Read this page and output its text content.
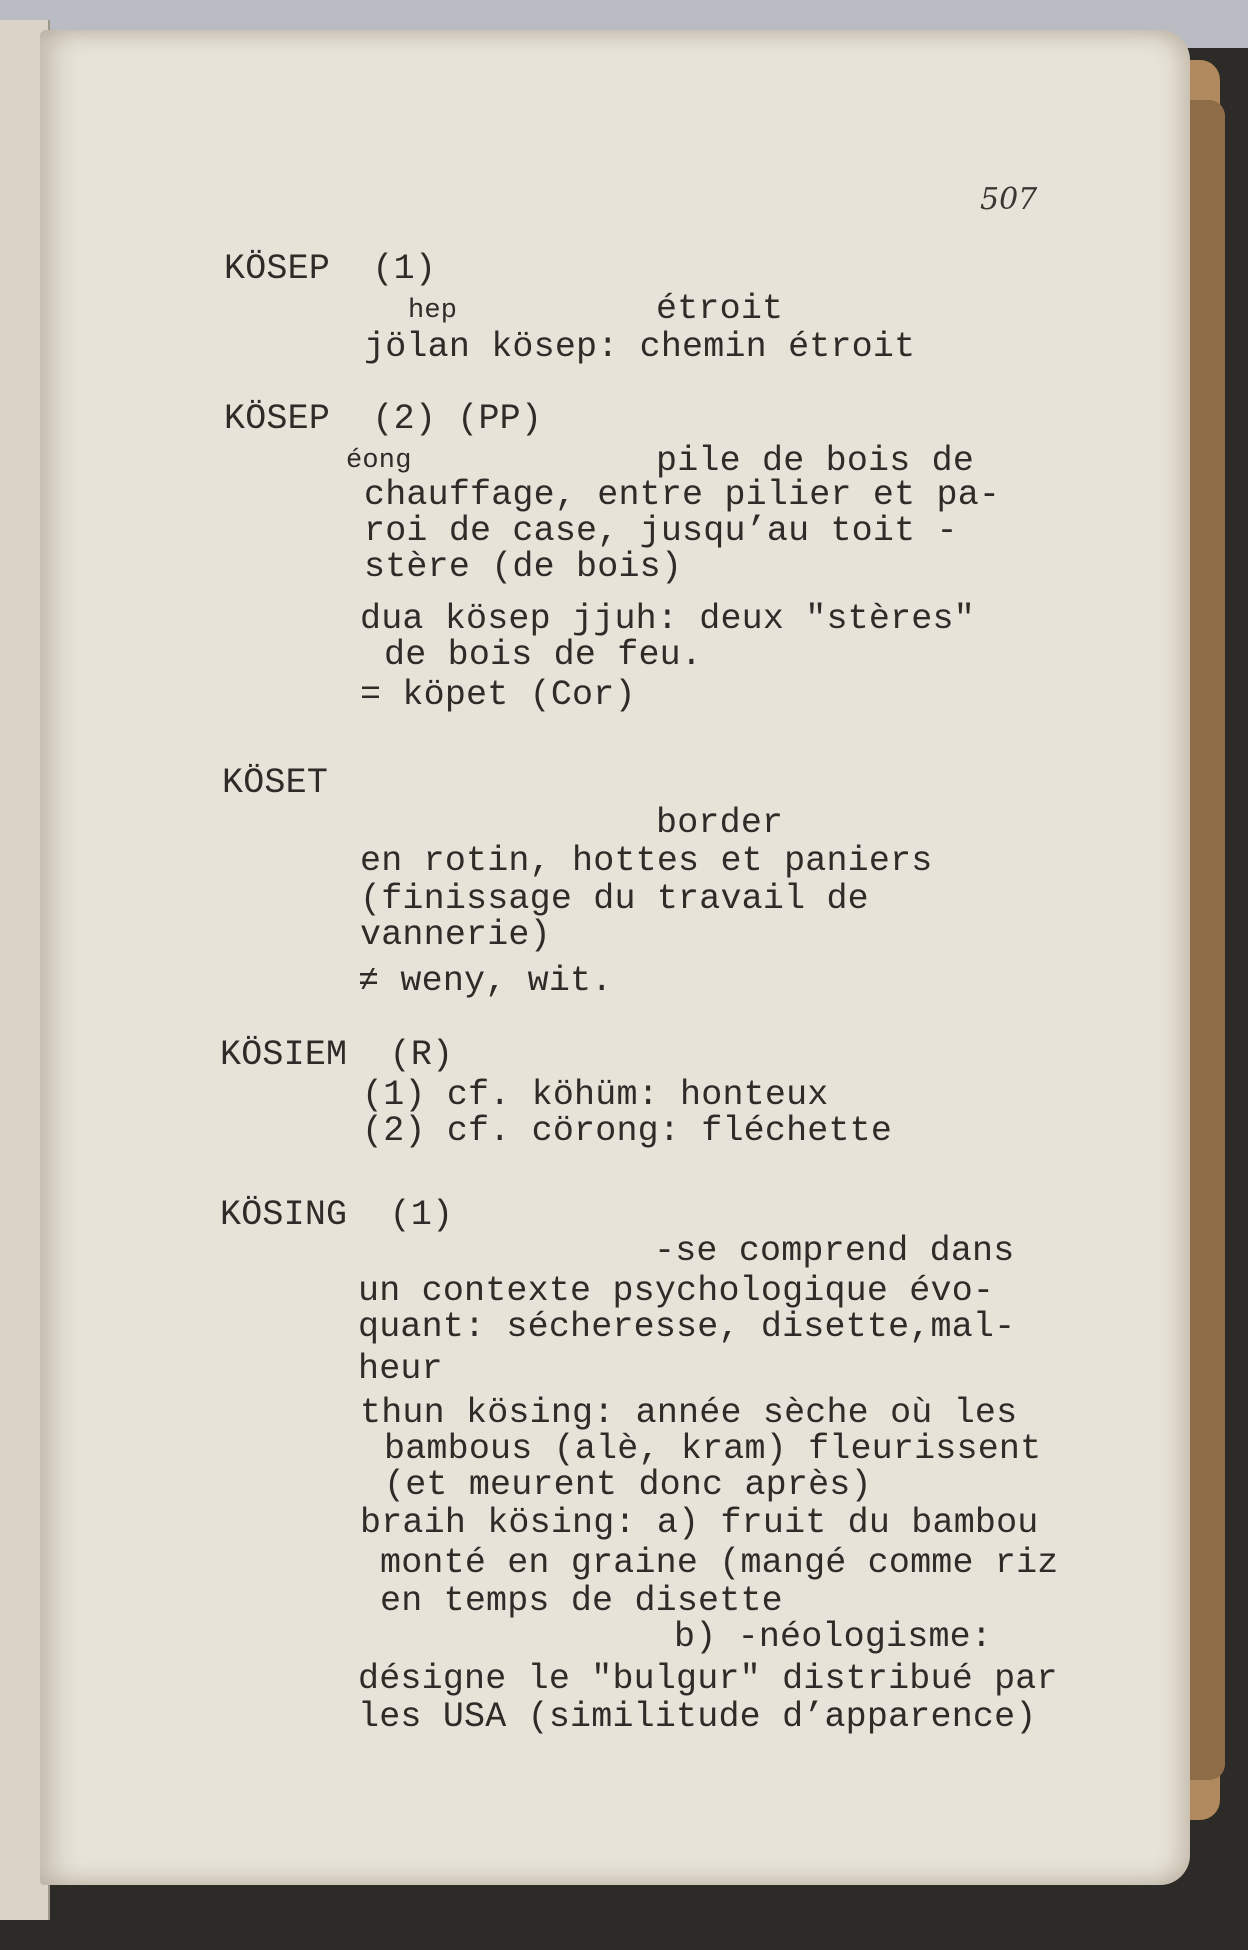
507
KÖSEP  (1)
hep	étroit
jölan kösep: chemin étroit
KÖSEP  (2) (PP)
éong	pile de bois de
chauffage, entre pilier et pa-
roi de case, jusqu’au toit -
stère (de bois)
dua kösep jjuh: deux "stères"
de bois de feu.
= köpet (Cor)
KÖSET
border
en rotin, hottes et paniers
(finissage du travail de
vannerie)
≠ weny, wit.
KÖSIEM  (R)
(1) cf. köhüm: honteux
(2) cf. cörong: fléchette
KÖSING  (1)
-se comprend dans
un contexte psychologique évo-
quant: sécheresse, disette,mal-
heur
thun kösing: année sèche où les
bambous (alè, kram) fleurissent
(et meurent donc après)
braih kösing: a) fruit du bambou
monté en graine (mangé comme riz
en temps de disette
b) -néologisme:
désigne le "bulgur" distribué par
les USA (similitude d’apparence)
